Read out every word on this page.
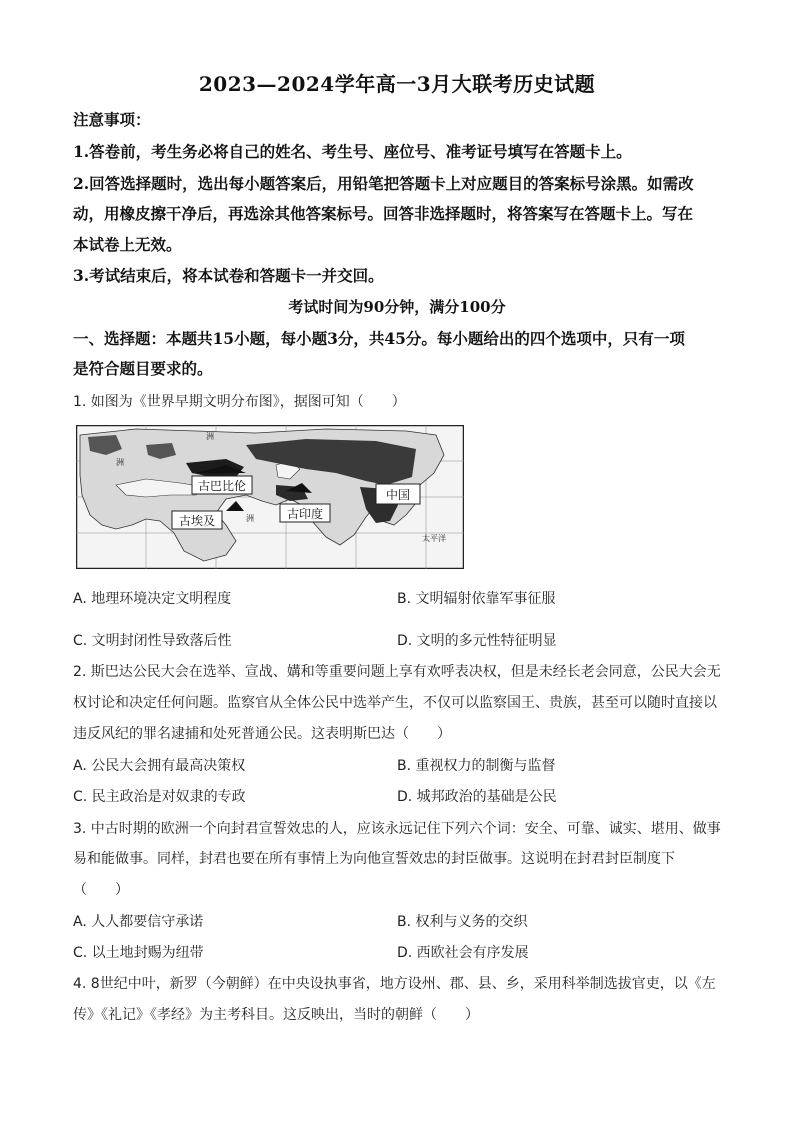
2023—2024学年高一3月大联考历史试题
注意事项：
1.答卷前，考生务必将自己的姓名、考生号、座位号、准考证号填写在答题卡上。
2.回答选择题时，选出每小题答案后，用铅笔把答题卡上对应题目的答案标号涂黑。如需改
动，用橡皮擦干净后，再选涂其他答案标号。回答非选择题时，将答案写在答题卡上。写在
本试卷上无效。
3.考试结束后，将本试卷和答题卡一并交回。
考试时间为90分钟，满分100分
一、选择题：本题共15小题，每小题3分，共45分。每小题给出的四个选项中，只有一项
是符合题目要求的。
1. 如图为《世界早期文明分布图》，据图可知（　　）
古巴比伦
古埃及	古印度
中国
洲
洲
洲
太平洋
A. 地理环境决定文明程度	B. 文明辐射依靠军事征服
C. 文明封闭性导致落后性	D. 文明的多元性特征明显
2. 斯巴达公民大会在选举、宣战、媾和等重要问题上享有欢呼表决权，但是未经长老会同意，公民大会无
权讨论和决定任何问题。监察官从全体公民中选举产生，不仅可以监察国王、贵族，甚至可以随时直接以
违反风纪的罪名逮捕和处死普通公民。这表明斯巴达（　　）
A. 公民大会拥有最高决策权	B. 重视权力的制衡与监督
C. 民主政治是对奴隶的专政	D. 城邦政治的基础是公民
3. 中古时期的欧洲一个向封君宣誓效忠的人，应该永远记住下列六个词：安全、可靠、诚实、堪用、做事
易和能做事。同样，封君也要在所有事情上为向他宣誓效忠的封臣做事。这说明在封君封臣制度下
（　　）
A. 人人都要信守承诺	B. 权利与义务的交织
C. 以土地封赐为纽带	D. 西欧社会有序发展
4. 8世纪中叶，新罗（今朝鲜）在中央设执事省，地方设州、郡、县、乡，采用科举制选拔官吏，以《左
传》《礼记》《孝经》为主考科目。这反映出，当时的朝鲜（　　）
